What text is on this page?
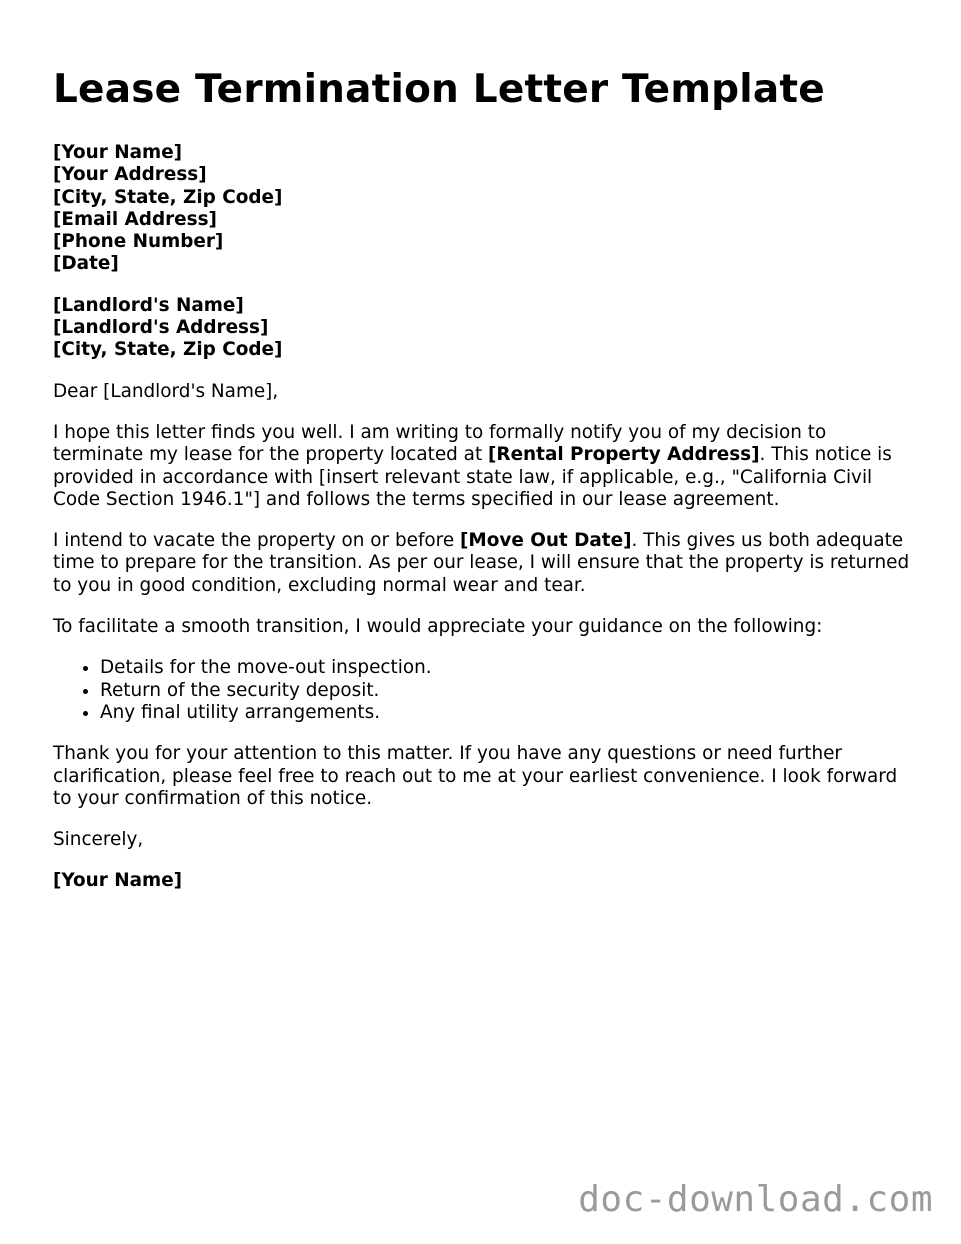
Lease Termination Letter Template
[Your Name]
[Your Address]
[City, State, Zip Code]
[Email Address]
[Phone Number]
[Date]
[Landlord's Name]
[Landlord's Address]
[City, State, Zip Code]

Dear [Landlord's Name],

I hope this letter finds you well. I am writing to formally notify you of my decision to terminate my lease for the property located at [Rental Property Address]. This notice is provided in accordance with [insert relevant state law, if applicable, e.g., "California Civil Code Section 1946.1"] and follows the terms specified in our lease agreement.

I intend to vacate the property on or before [Move Out Date]. This gives us both adequate time to prepare for the transition. As per our lease, I will ensure that the property is returned to you in good condition, excluding normal wear and tear.

To facilitate a smooth transition, I would appreciate your guidance on the following:

• Details for the move-out inspection.
• Return of the security deposit.
• Any final utility arrangements.

Thank you for your attention to this matter. If you have any questions or need further clarification, please feel free to reach out to me at your earliest convenience. I look forward to your confirmation of this notice.

Sincerely,

[Your Name]

doc-download.com
